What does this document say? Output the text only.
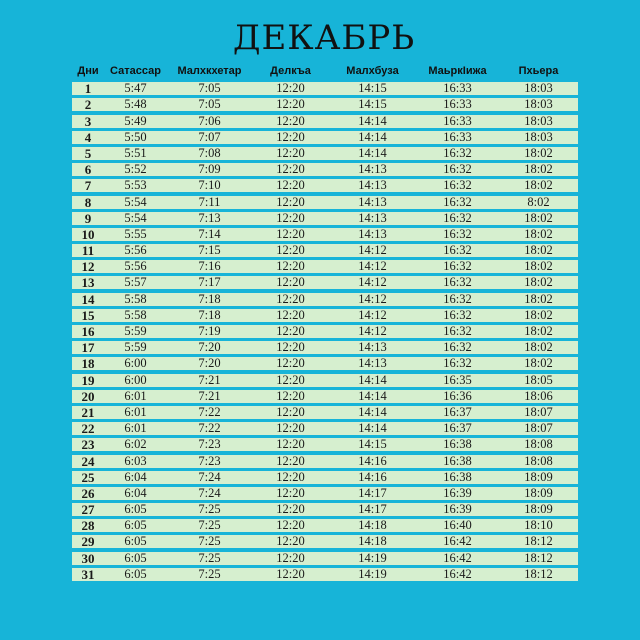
ДЕКАБРЬ
Дни	Сатассар	Малхкхетар	Делкъа	Малхбуза	МаьркIижа	Пхьера
1	5:47	7:05	12:20	14:15	16:33	18:03
2	5:48	7:05	12:20	14:15	16:33	18:03
3	5:49	7:06	12:20	14:14	16:33	18:03
4	5:50	7:07	12:20	14:14	16:33	18:03
5	5:51	7:08	12:20	14:14	16:32	18:02
6	5:52	7:09	12:20	14:13	16:32	18:02
7	5:53	7:10	12:20	14:13	16:32	18:02
8	5:54	7:11	12:20	14:13	16:32	8:02
9	5:54	7:13	12:20	14:13	16:32	18:02
10	5:55	7:14	12:20	14:13	16:32	18:02
11	5:56	7:15	12:20	14:12	16:32	18:02
12	5:56	7:16	12:20	14:12	16:32	18:02
13	5:57	7:17	12:20	14:12	16:32	18:02
14	5:58	7:18	12:20	14:12	16:32	18:02
15	5:58	7:18	12:20	14:12	16:32	18:02
16	5:59	7:19	12:20	14:12	16:32	18:02
17	5:59	7:20	12:20	14:13	16:32	18:02
18	6:00	7:20	12:20	14:13	16:32	18:02
19	6:00	7:21	12:20	14:14	16:35	18:05
20	6:01	7:21	12:20	14:14	16:36	18:06
21	6:01	7:22	12:20	14:14	16:37	18:07
22	6:01	7:22	12:20	14:14	16:37	18:07
23	6:02	7:23	12:20	14:15	16:38	18:08
24	6:03	7:23	12:20	14:16	16:38	18:08
25	6:04	7:24	12:20	14:16	16:38	18:09
26	6:04	7:24	12:20	14:17	16:39	18:09
27	6:05	7:25	12:20	14:17	16:39	18:09
28	6:05	7:25	12:20	14:18	16:40	18:10
29	6:05	7:25	12:20	14:18	16:42	18:12
30	6:05	7:25	12:20	14:19	16:42	18:12
31	6:05	7:25	12:20	14:19	16:42	18:12
